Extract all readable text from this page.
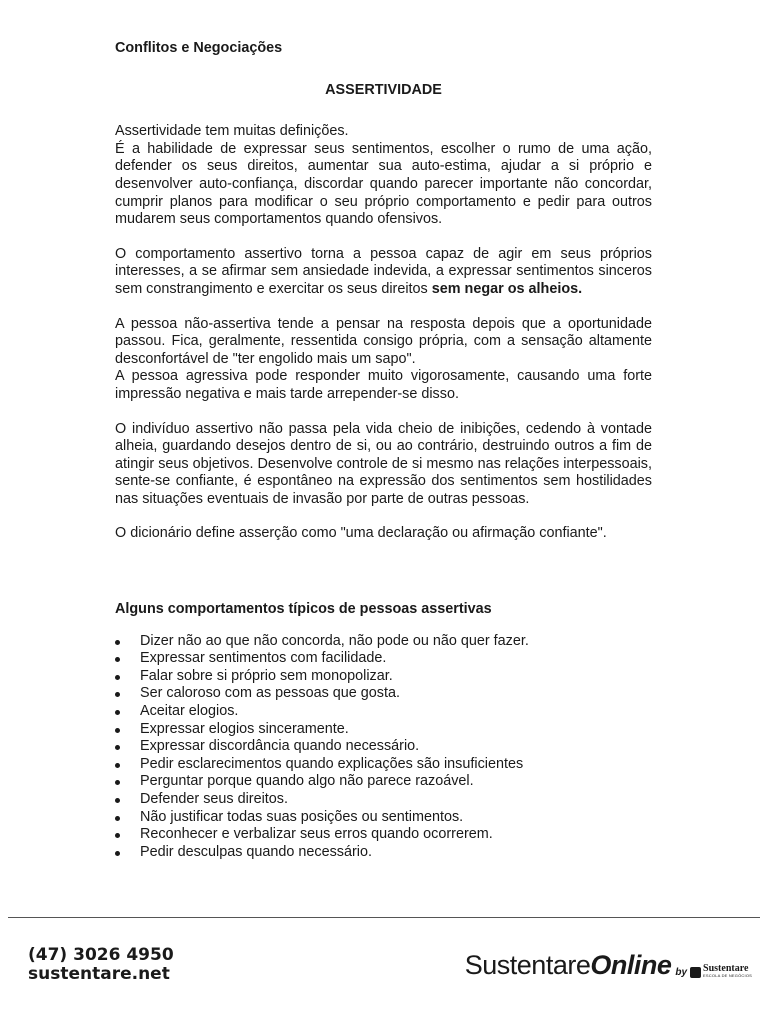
Conflitos e Negociações
ASSERTIVIDADE

Assertividade tem muitas definições.
É a habilidade de expressar seus sentimentos, escolher o rumo de uma ação, defender os seus direitos, aumentar sua auto-estima, ajudar a si próprio e desenvolver auto-confiança, discordar quando parecer importante não concordar, cumprir planos para modificar o seu próprio comportamento e pedir para outros mudarem seus comportamentos quando ofensivos.

O comportamento assertivo torna a pessoa capaz de agir em seus próprios interesses, a se afirmar sem ansiedade indevida, a expressar sentimentos sinceros sem constrangimento e exercitar os seus direitos sem negar os alheios.

A pessoa não-assertiva tende a pensar na resposta depois que a oportunidade passou. Fica, geralmente, ressentida consigo própria, com a sensação altamente desconfortável de "ter engolido mais um sapo".
A pessoa agressiva pode responder muito vigorosamente, causando uma forte impressão negativa e mais tarde arrepender-se disso.

O indivíduo assertivo não passa pela vida cheio de inibições, cedendo à vontade alheia, guardando desejos dentro de si, ou ao contrário, destruindo outros a fim de atingir seus objetivos. Desenvolve controle de si mesmo nas relações interpessoais, sente-se confiante, é espontâneo na expressão dos sentimentos sem hostilidades nas situações eventuais de invasão por parte de outras pessoas.

O dicionário define asserção como "uma declaração ou afirmação confiante".

Alguns comportamentos típicos de pessoas assertivas
Dizer não ao que não concorda, não pode ou não quer fazer.
Expressar sentimentos com facilidade.
Falar sobre si próprio sem monopolizar.
Ser caloroso com as pessoas que gosta.
Aceitar elogios.
Expressar elogios sinceramente.
Expressar discordância quando necessário.
Pedir esclarecimentos quando explicações são insuficientes
Perguntar porque quando algo não parece razoável.
Defender seus direitos.
Não justificar todas suas posições ou sentimentos.
Reconhecer e verbalizar seus erros quando ocorrerem.
Pedir desculpas quando necessário.
(47) 3026 4950
sustentare.net	Sustentare Online by Sustentare
ESCOLA DE NEGÓCIOS
